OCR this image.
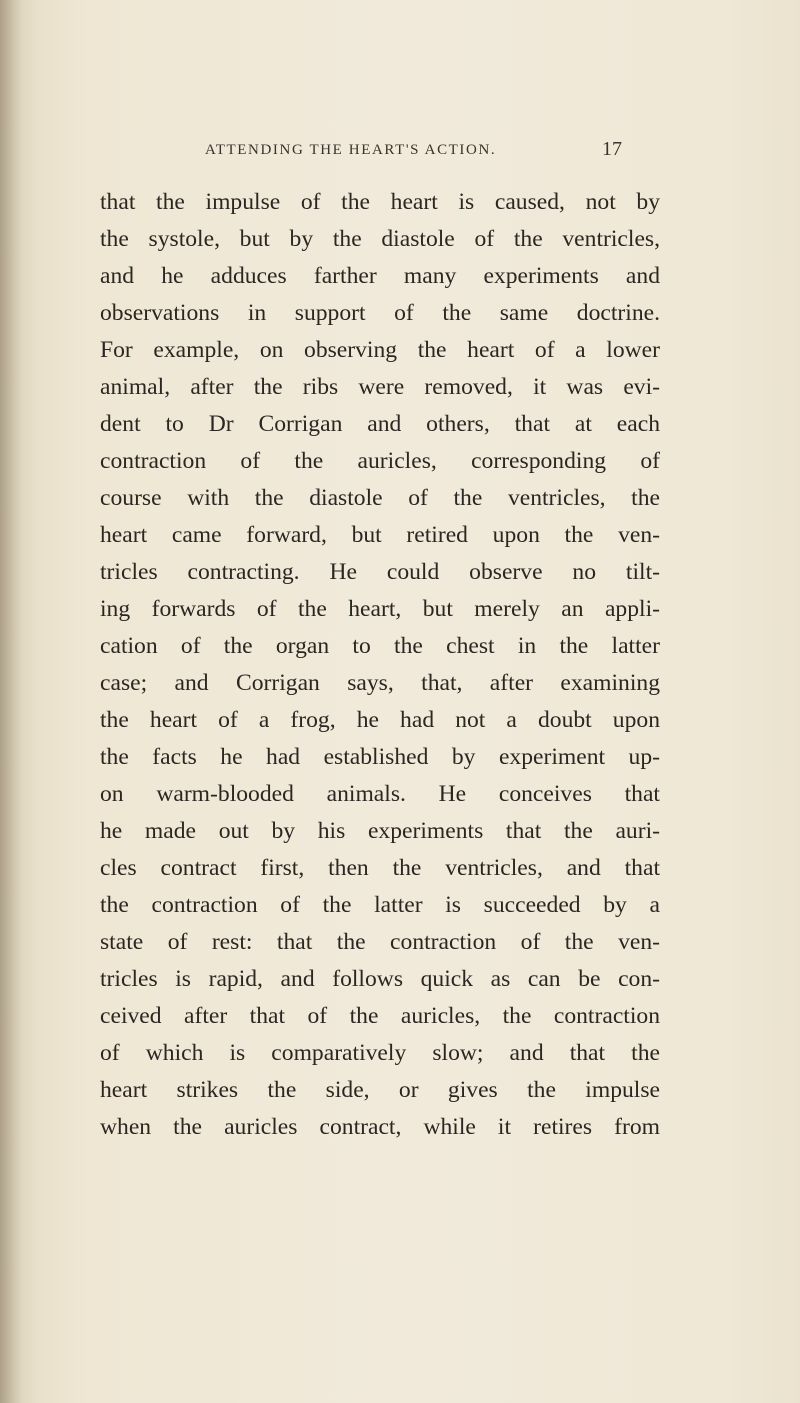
ATTENDING THE HEART'S ACTION.	17
that the impulse of the heart is caused, not by
the systole, but by the diastole of the ventricles,
and he adduces farther many experiments and
observations in support of the same doctrine.
For example, on observing the heart of a lower
animal, after the ribs were removed, it was evi-
dent to Dr Corrigan and others, that at each
contraction of the auricles, corresponding of
course with the diastole of the ventricles, the
heart came forward, but retired upon the ven-
tricles contracting. He could observe no tilt-
ing forwards of the heart, but merely an appli-
cation of the organ to the chest in the latter
case; and Corrigan says, that, after examining
the heart of a frog, he had not a doubt upon
the facts he had established by experiment up-
on warm-blooded animals. He conceives that
he made out by his experiments that the auri-
cles contract first, then the ventricles, and that
the contraction of the latter is succeeded by a
state of rest: that the contraction of the ven-
tricles is rapid, and follows quick as can be con-
ceived after that of the auricles, the contraction
of which is comparatively slow; and that the
heart strikes the side, or gives the impulse
when the auricles contract, while it retires from
